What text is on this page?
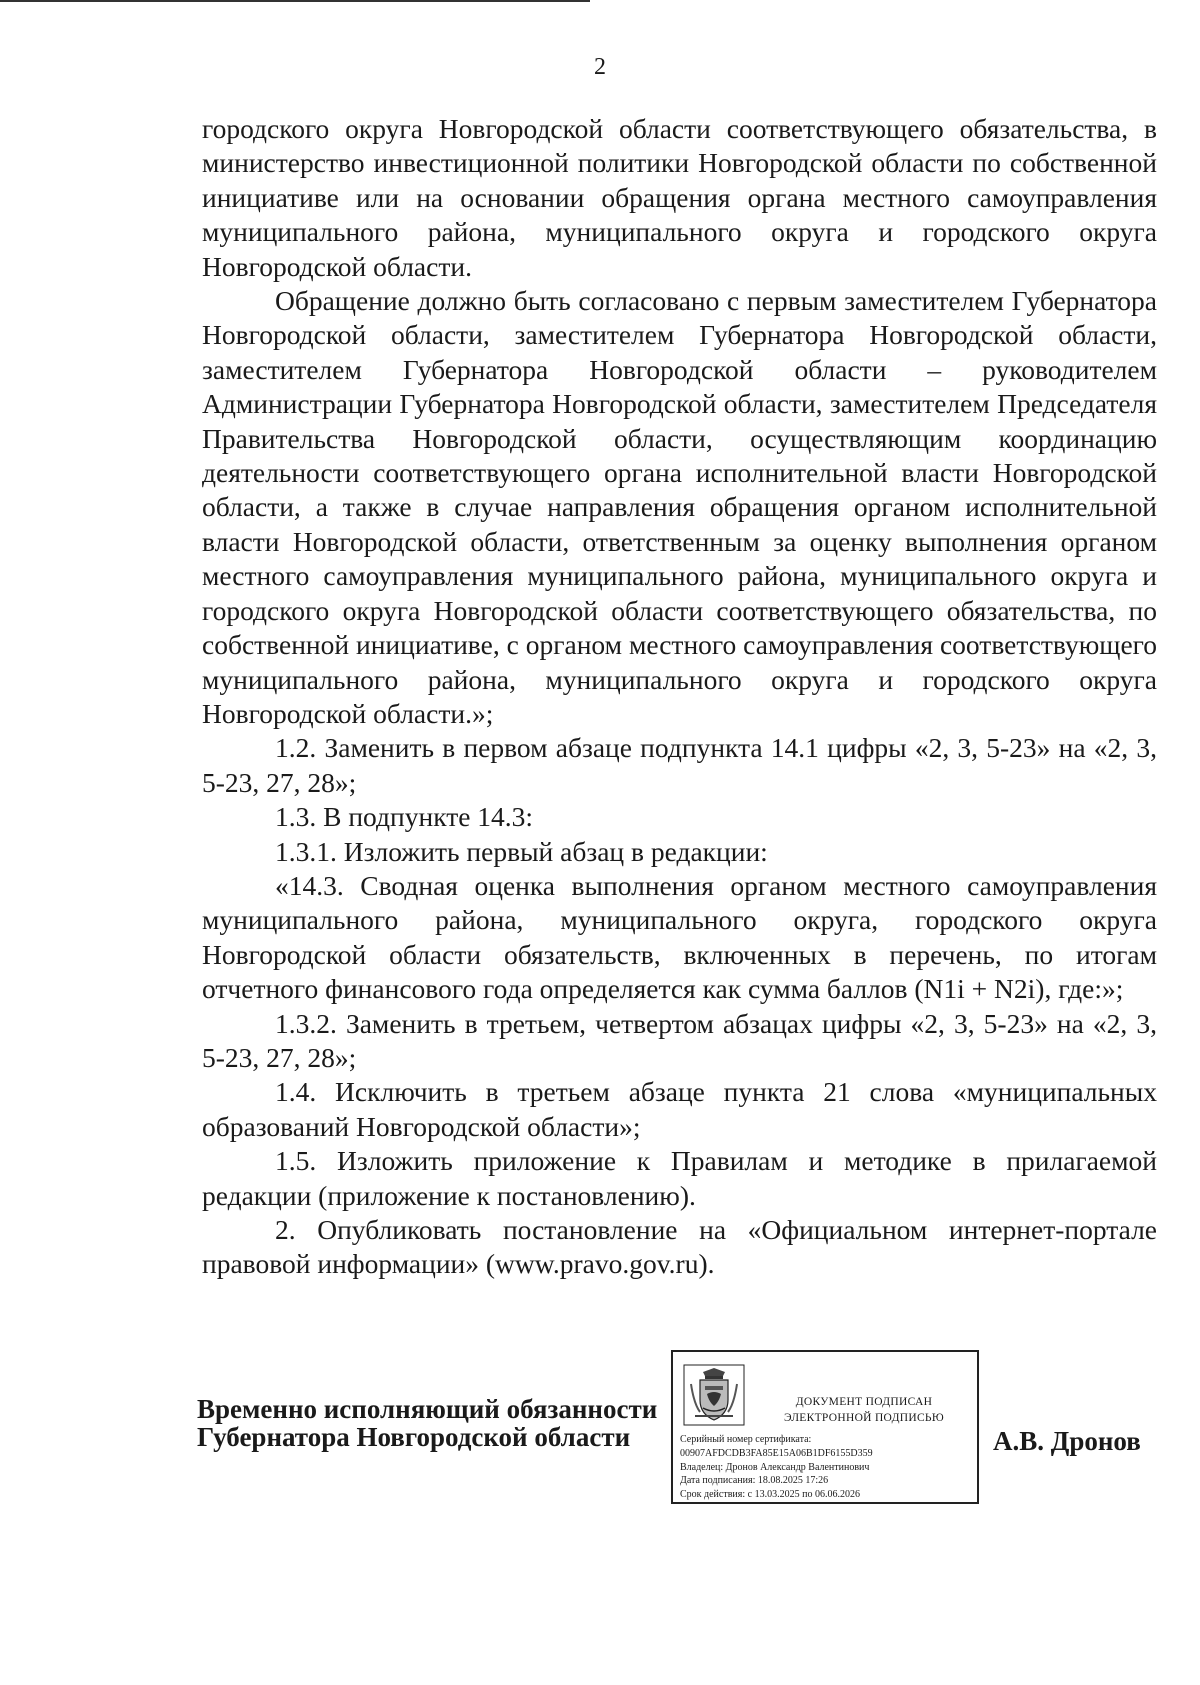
2

городского округа Новгородской области соответствующего обязательства, в министерство инвестиционной политики Новгородской области по собственной инициативе или на основании обращения органа местного самоуправления муниципального района, муниципального округа и городского округа Новгородской области.

Обращение должно быть согласовано с первым заместителем Губернатора Новгородской области, заместителем Губернатора Новгородской области, заместителем Губернатора Новгородской области – руководителем Администрации Губернатора Новгородской области, заместителем Председателя Правительства Новгородской области, осуществляющим координацию деятельности соответствующего органа исполнительной власти Новгородской области, а также в случае направления обращения органом исполнительной власти Новгородской области, ответственным за оценку выполнения органом местного самоуправления муниципального района, муниципального округа и городского округа Новгородской области соответствующего обязательства, по собственной инициативе, с органом местного самоуправления соответствующего муниципального района, муниципального округа и городского округа Новгородской области.»;

1.2. Заменить в первом абзаце подпункта 14.1 цифры «2, 3, 5-23» на «2, 3, 5-23, 27, 28»;

1.3. В подпункте 14.3:

1.3.1. Изложить первый абзац в редакции:

«14.3. Сводная оценка выполнения органом местного самоуправления муниципального района, муниципального округа, городского округа Новгородской области обязательств, включенных в перечень, по итогам отчетного финансового года определяется как сумма баллов (N1i + N2i), где:»;

1.3.2. Заменить в третьем, четвертом абзацах цифры «2, 3, 5-23» на «2, 3, 5-23, 27, 28»;

1.4. Исключить в третьем абзаце пункта 21 слова «муниципальных образований Новгородской области»;

1.5. Изложить приложение к Правилам и методике в прилагаемой редакции (приложение к постановлению).

2. Опубликовать постановление на «Официальном интернет-портале правовой информации» (www.pravo.gov.ru).

Временно исполняющий обязанности
Губернатора Новгородской области
ДОКУМЕНТ ПОДПИСАН
ЭЛЕКТРОННОЙ ПОДПИСЬЮ
Серийный номер сертификата:
00907AFDCDB3FA85E15A06B1DF6155D359
Владелец: Дронов Александр Валентинович
Дата подписания: 18.08.2025 17:26
Срок действия: с 13.03.2025 по 06.06.2026
А.В. Дронов
